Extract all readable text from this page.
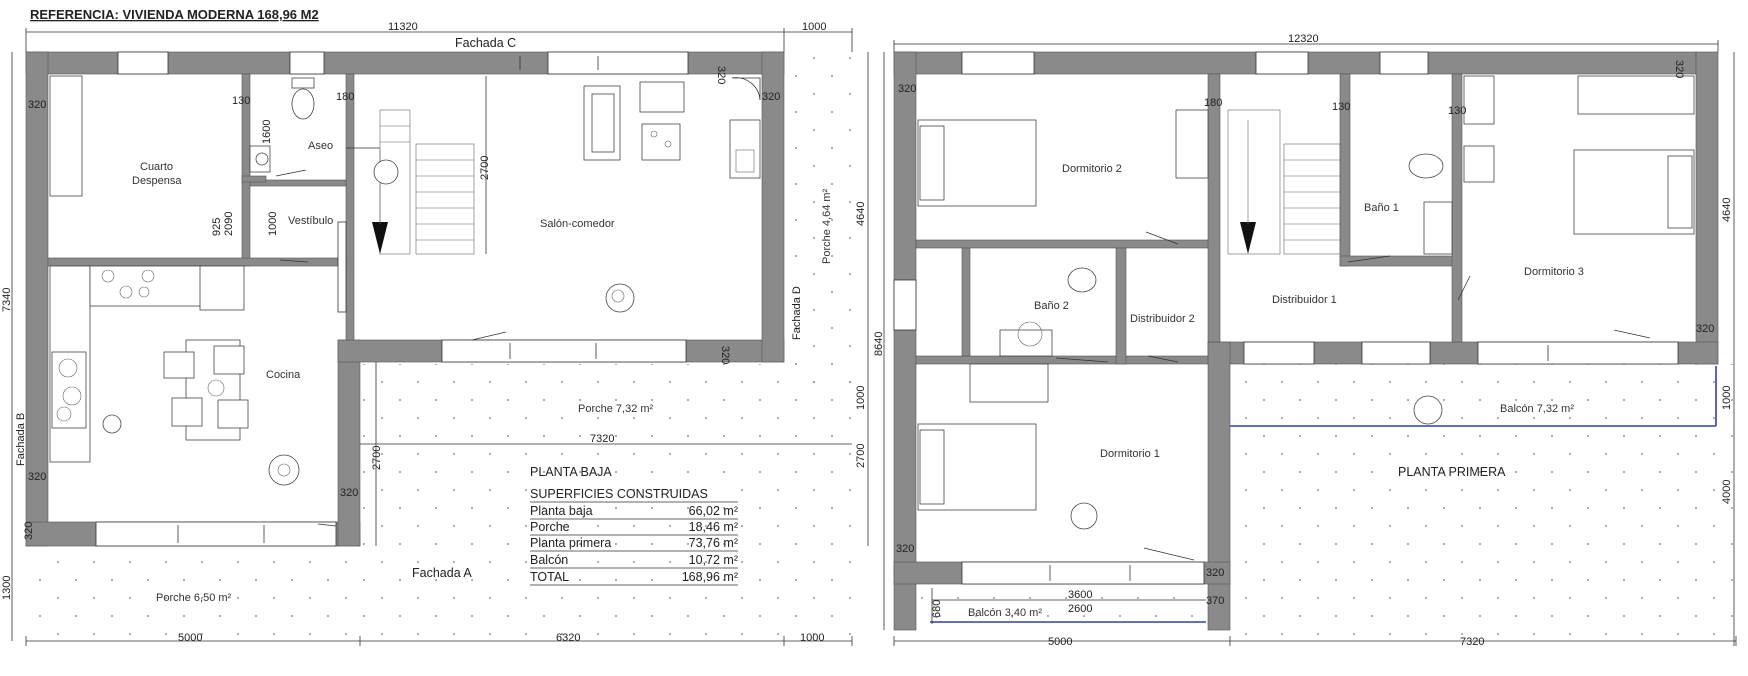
REFERENCIA: VIVIENDA MODERNA 168,96 M2
Fachada C
Fachada B
Fachada D
Fachada A
Cuarto
Despensa
Aseo
Vestíbulo	Salón-comedor
Cocina
Porche 4,64 m²
Porche 7,32 m²
Porche 6,50 m²
11320	1000
7340
4640
1000
2700
1300
5000	6320	1000
7320
2700
2700
320
320
320
320
320
320
320
130	180
1600
925 2090	1000
PLANTA BAJA
SUPERFICIES CONSTRUIDAS
Planta baja	66,02 m²
Porche	18,46 m²
Planta primera	73,76 m²
Balcón	10,72 m²
TOTAL	168,96 m²
Dormitorio 2
Baño 1
Dormitorio 3
Baño 2
Distribuidor 2
Distribuidor 1
Dormitorio 1
Balcón 7,32 m²
Balcón 3,40 m²
PLANTA PRIMERA
12320
8640
4640
1000
4000
5000	7320
3600
2600
680	370
320
320
320
320
320
180	130	130
